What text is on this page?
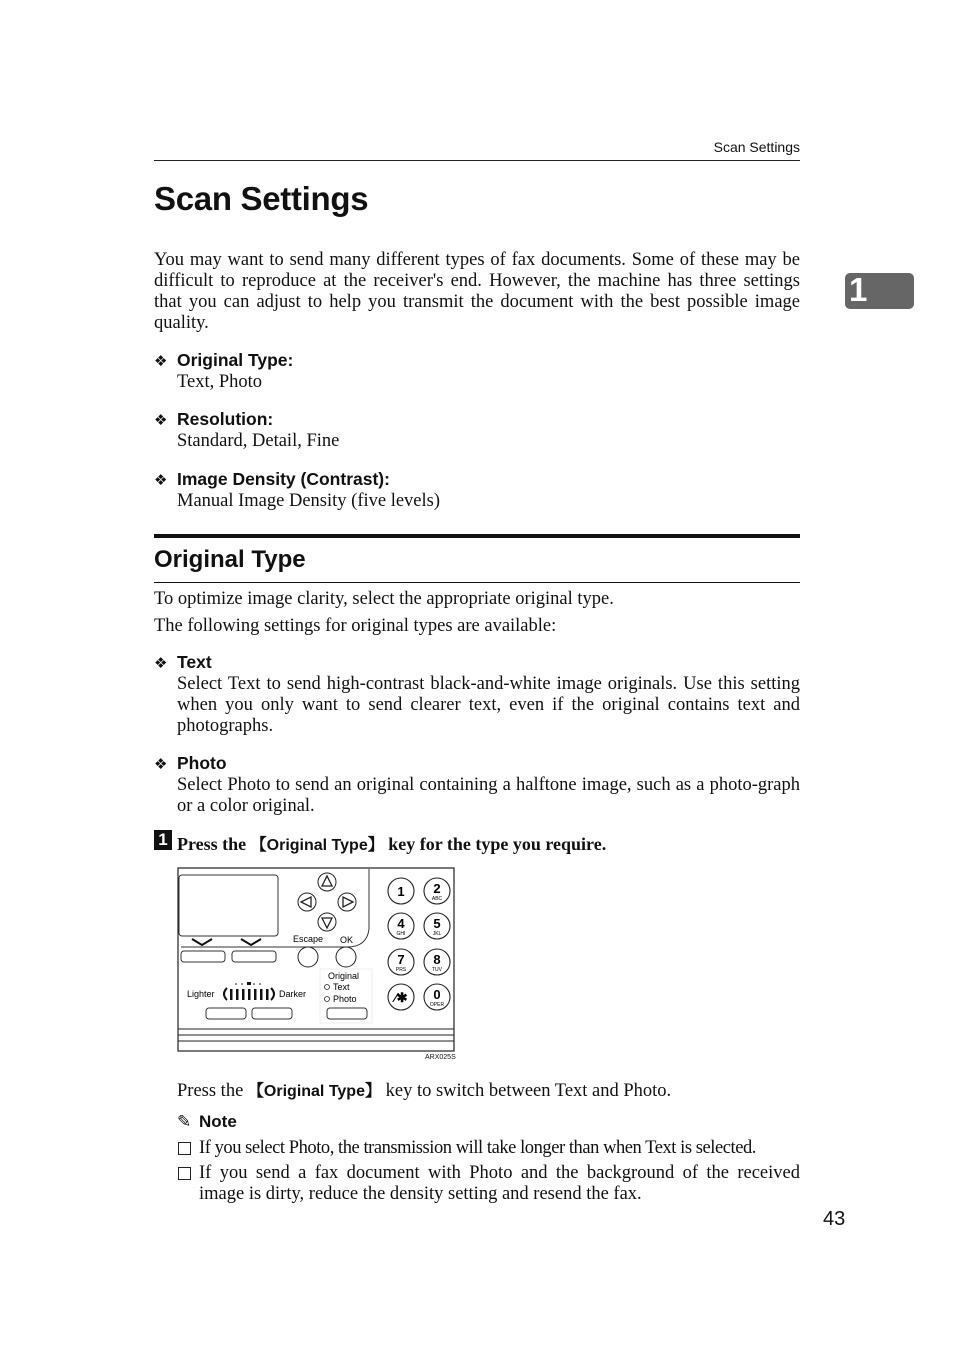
Scan Settings
Scan Settings
1

You may want to send many different types of fax documents. Some of these may be difficult to reproduce at the receiver's end. However, the machine has three settings that you can adjust to help you transmit the document with the best possible image quality.

❖ Original Type:
Text, Photo
❖ Resolution:
Standard, Detail, Fine
❖ Image Density (Contrast):
Manual Image Density (five levels)
Original Type

To optimize image clarity, select the appropriate original type.

The following settings for original types are available:

❖ Text
Select Text to send high-contrast black-and-white image originals. Use this setting when you only want to send clearer text, even if the original contains text and photographs.
❖ Photo
Select Photo to send an original containing a halftone image, such as a photo-graph or a color original.
1 Press the 【Original Type】 key for the type you require.
Escape OK
Original
Text
Photo
Lighter	Darker
1 2
ABC
4
GHI
5
JKL
7
PRS
8
TUV
⁄✱ 0
OPER
ARX025S
Press the 【Original Type】 key to switch between Text and Photo.
✎ Note
If you select Photo, the transmission will take longer than when Text is selected.
If you send a fax document with Photo and the background of the received image is dirty, reduce the density setting and resend the fax.
43
